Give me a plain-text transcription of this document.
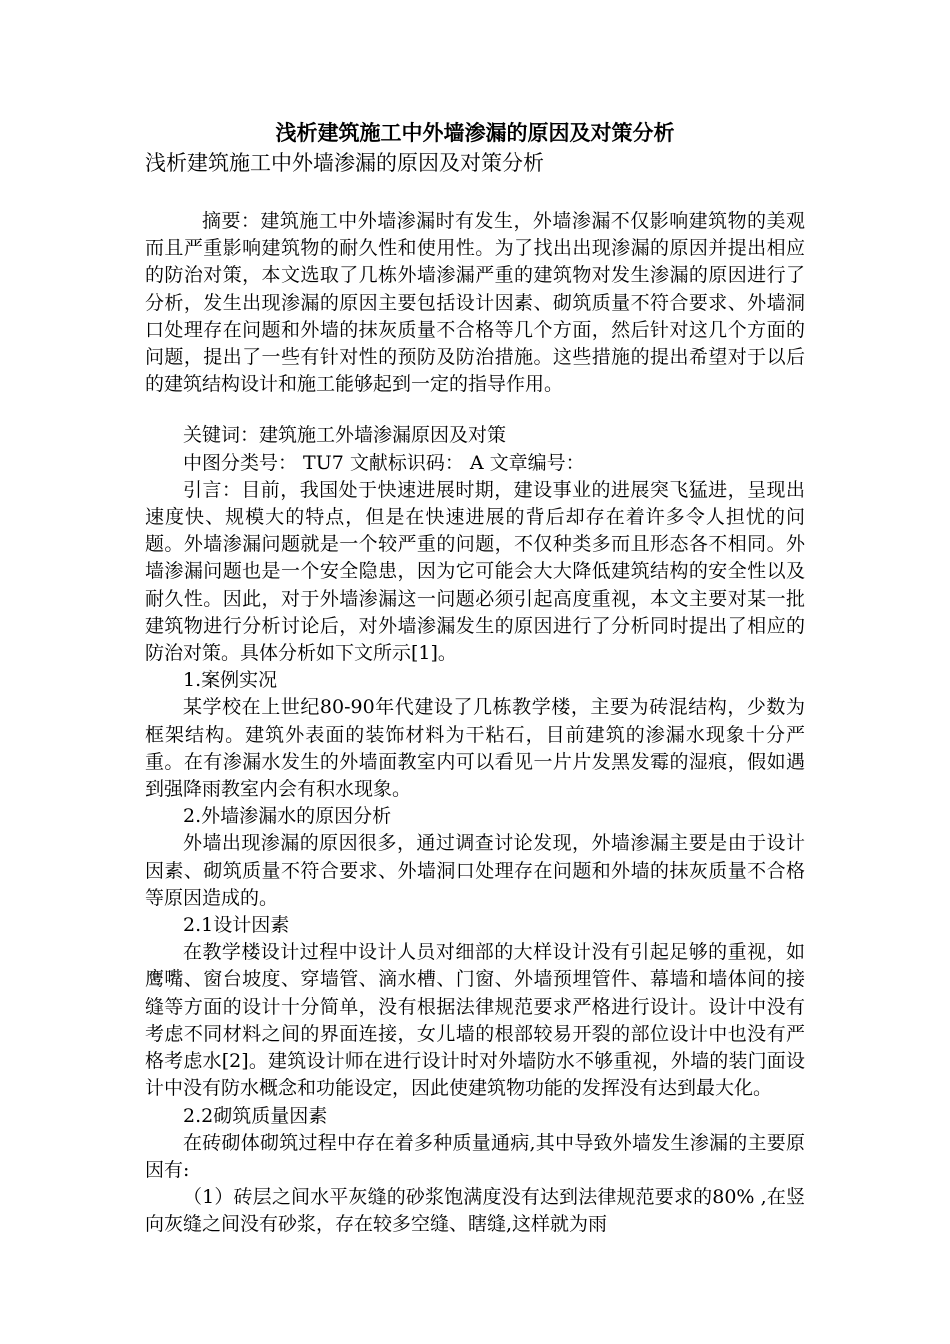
浅析建筑施工中外墙渗漏的原因及对策分析

浅析建筑施工中外墙渗漏的原因及对策分析

摘要：建筑施工中外墙渗漏时有发生，外墙渗漏不仅影响建筑物的美观而且严重影响建筑物的耐久性和使用性。为了找出出现渗漏的原因并提出相应的防治对策，本文选取了几栋外墙渗漏严重的建筑物对发生渗漏的原因进行了分析，发生出现渗漏的原因主要包括设计因素、砌筑质量不符合要求、外墙洞口处理存在问题和外墙的抹灰质量不合格等几个方面，然后针对这几个方面的问题，提出了一些有针对性的预防及防治措施。这些措施的提出希望对于以后的建筑结构设计和施工能够起到一定的指导作用。

关键词：建筑施工外墙渗漏原因及对策

中图分类号： TU7 文献标识码： A 文章编号：

引言：目前，我国处于快速进展时期，建设事业的进展突飞猛进，呈现出速度快、规模大的特点，但是在快速进展的背后却存在着许多令人担忧的问题。外墙渗漏问题就是一个较严重的问题，不仅种类多而且形态各不相同。外墙渗漏问题也是一个安全隐患，因为它可能会大大降低建筑结构的安全性以及耐久性。因此，对于外墙渗漏这一问题必须引起高度重视，本文主要对某一批建筑物进行分析讨论后，对外墙渗漏发生的原因进行了分析同时提出了相应的防治对策。具体分析如下文所示[1]。

1.案例实况

某学校在上世纪80-90年代建设了几栋教学楼，主要为砖混结构，少数为框架结构。建筑外表面的装饰材料为干粘石，目前建筑的渗漏水现象十分严重。在有渗漏水发生的外墙面教室内可以看见一片片发黑发霉的湿痕，假如遇到强降雨教室内会有积水现象。

2.外墙渗漏水的原因分析

外墙出现渗漏的原因很多，通过调查讨论发现，外墙渗漏主要是由于设计因素、砌筑质量不符合要求、外墙洞口处理存在问题和外墙的抹灰质量不合格等原因造成的。

2.1设计因素

在教学楼设计过程中设计人员对细部的大样设计没有引起足够的重视，如鹰嘴、窗台坡度、穿墙管、滴水槽、门窗、外墙预埋管件、幕墙和墙体间的接缝等方面的设计十分简单，没有根据法律规范要求严格进行设计。设计中没有考虑不同材料之间的界面连接，女儿墙的根部较易开裂的部位设计中也没有严格考虑水[2]。建筑设计师在进行设计时对外墙防水不够重视，外墙的装门面设计中没有防水概念和功能设定，因此使建筑物功能的发挥没有达到最大化。

2.2砌筑质量因素

在砖砌体砌筑过程中存在着多种质量通病,其中导致外墙发生渗漏的主要原因有:

（1）砖层之间水平灰缝的砂浆饱满度没有达到法律规范要求的80% ,在竖向灰缝之间没有砂浆，存在较多空缝、瞎缝,这样就为雨
